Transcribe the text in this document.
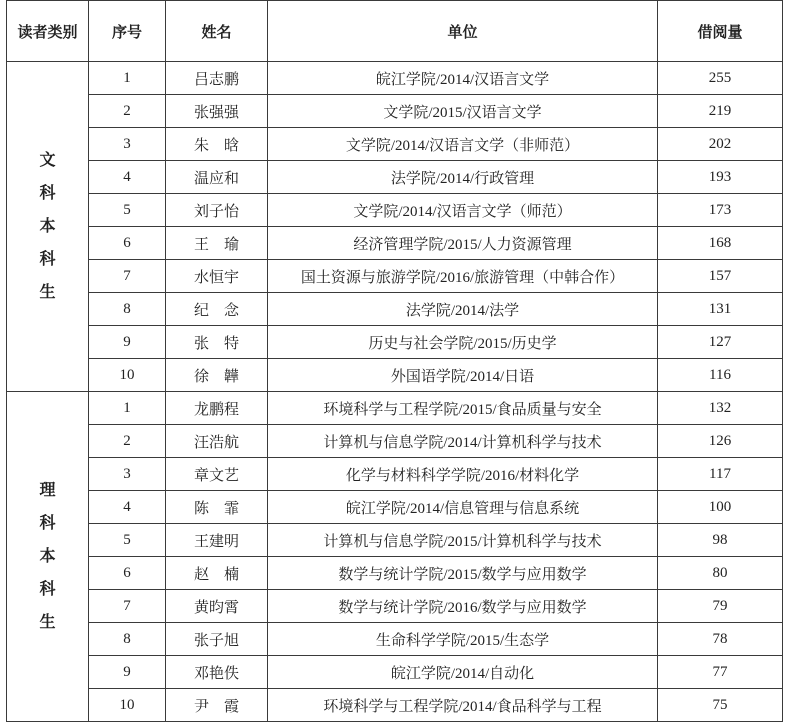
读者类别	序号	姓名	单位	借阅量
文科本科生	1	吕志鹏	皖江学院/2014/汉语言文学	255
	2	张强强	文学院/2015/汉语言文学	219
	3	朱　晗	文学院/2014/汉语言文学（非师范）	202
	4	温应和	法学院/2014/行政管理	193
	5	刘子怡	文学院/2014/汉语言文学（师范）	173
	6	王　瑜	经济管理学院/2015/人力资源管理	168
	7	水恒宇	国土资源与旅游学院/2016/旅游管理（中韩合作）	157
	8	纪　念	法学院/2014/法学	131
	9	张　特	历史与社会学院/2015/历史学	127
	10	徐　韡	外国语学院/2014/日语	116
理科本科生	1	龙鹏程	环境科学与工程学院/2015/食品质量与安全	132
	2	汪浩航	计算机与信息学院/2014/计算机科学与技术	126
	3	章文艺	化学与材料科学学院/2016/材料化学	117
	4	陈　霏	皖江学院/2014/信息管理与信息系统	100
	5	王建明	计算机与信息学院/2015/计算机科学与技术	98
	6	赵　楠	数学与统计学院/2015/数学与应用数学	80
	7	黄昀霄	数学与统计学院/2016/数学与应用数学	79
	8	张子旭	生命科学学院/2015/生态学	78
	9	邓艳佚	皖江学院/2014/自动化	77
	10	尹　霞	环境科学与工程学院/2014/食品科学与工程	75
